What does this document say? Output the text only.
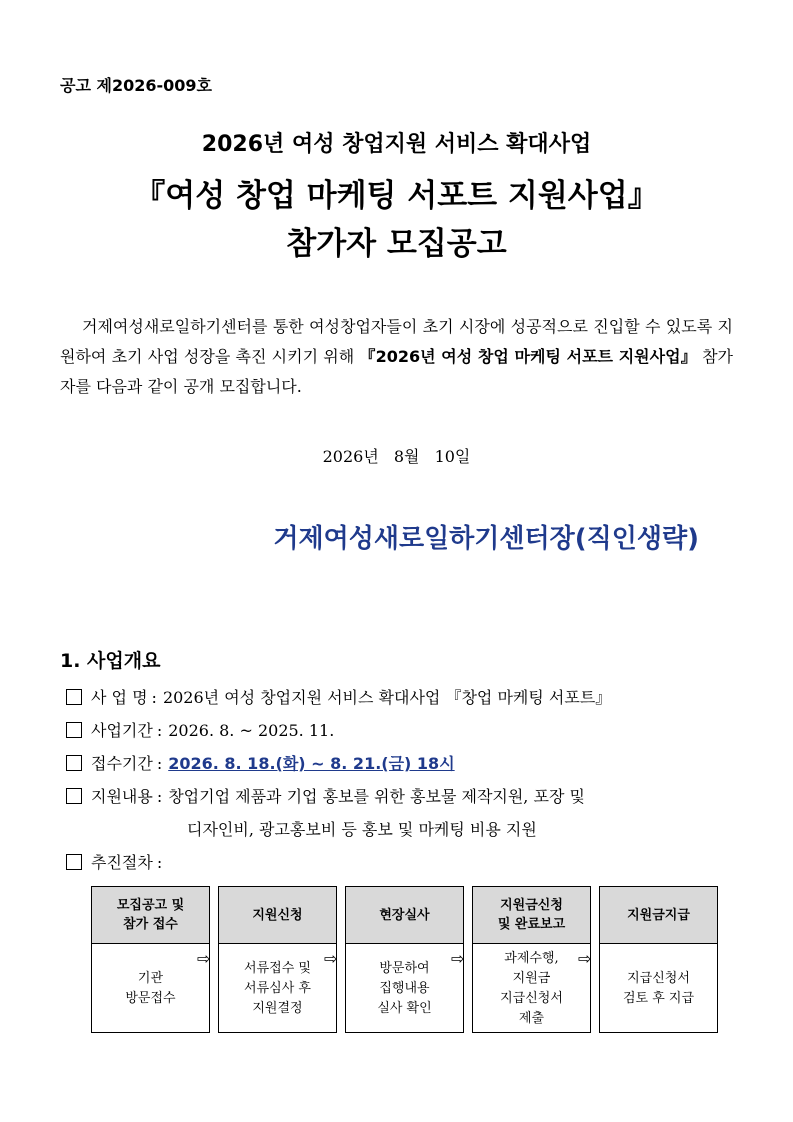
공고 제2026-009호
2026년 여성 창업지원 서비스 확대사업
『여성 창업 마케팅 서포트 지원사업』
참가자 모집공고
거제여성새로일하기센터를 통한 여성창업자들이 초기 시장에 성공적으로 진입할 수 있도록 지원하여 초기 사업 성장을 촉진 시키기 위해 『2026년 여성 창업 마케팅 서포트 지원사업』 참가자를 다음과 같이 공개 모집합니다.
2026년 8월 10일
거제여성새로일하기센터장(직인생략)
1. 사업개요
사 업 명 : 2026년 여성 창업지원 서비스 확대사업 『창업 마케팅 서포트』
사업기간 : 2026. 8. ~ 2025. 11.
접수기간 : 2026. 8. 18.(화) ~ 8. 21.(금) 18시
지원내용 : 창업기업 제품과 기업 홍보를 위한 홍보물 제작지원, 포장 및
디자인비, 광고홍보비 등 홍보 및 마케팅 비용 지원
추진절차 :
모집공고 및
참가 접수
기관
방문접수
⇨
지원신청
서류접수 및
서류심사 후
지원결정
⇨
현장실사
방문하여
집행내용
실사 확인
⇨
지원금신청
및 완료보고
과제수행,
지원금
지급신청서
제출
⇨
지원금지급
지급신청서
검토 후 지급
